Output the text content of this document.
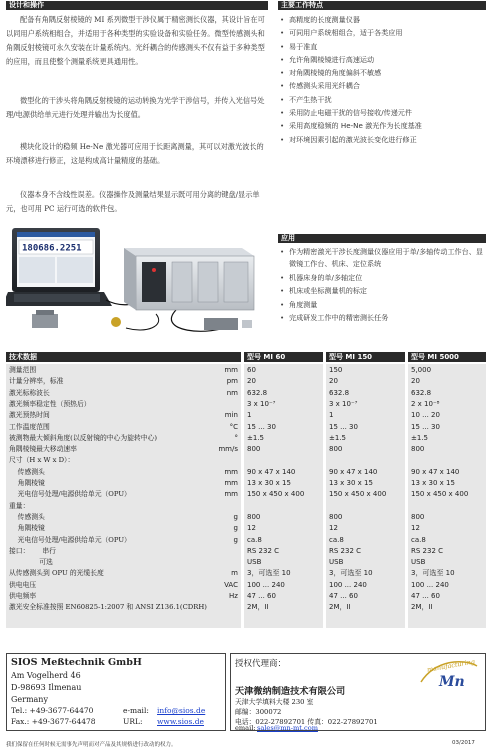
设计和操作
配备有角隅反射棱镜的 MI 系列微型干涉仪属于精密测长仪器，其设计旨在可以同用户系统相组合，并适用于各种类型的实验设备和实验任务。微型传感测头和角隅反射棱镜可永久安装在计量系统内。光纤耦合的传感测头不仅有益于多种类型的应用，而且使整个测量系统更具通用性。
微型化的干涉头将角隅反射棱镜的运动转换为光学干涉信号，并传入光信号处理/电源供给单元进行处理并输出为长度值。
模块化设计的稳频 He-Ne 激光器可应用于长距离测量，其可以对激光波长的环境漂移进行修正，这是构成高计量精度的基础。
仪器本身不含线性误差。仪器操作及测量结果显示既可用分离的键盘/显示单元，也可用 PC 运行可选的软件包。
主要工作特点
• 高精度的长度测量仪器
• 可同用户系统相组合，适于各类应用
• 易于准直
• 允许角隅棱镜进行高速运动
• 对角隅棱镜的角度偏斜不敏感
• 传感测头采用光纤耦合
• 不产生热干扰
• 采用防止电磁干扰的信号接收/传递元件
• 采用高度稳频的 He-Ne 激光作为长度基准
• 对环境因素引起的激光波长变化进行修正
应用
• 作为精密激光干涉长度测量仪器应用于单/多轴传动工作台、显微镜工作台、机床、定位系统
• 机器床身的单/多轴定位
• 机床或坐标测量机的标定
• 角度测量
• 完成研发工作中的精密测长任务
180686.2251
技术数据	型号 MI 60	型号 MI 150	型号 MI 5000
测量范围	mm 60	150	5,000
计量分辨率，标准	pm 20	20	20
激光标称波长	nm 632.8	632.8	632.8
激光频率稳定性（预热后）	3 x 10⁻⁷	3 x 10⁻⁷	2 x 10⁻⁸
激光预热时间	min 1	1	10 ... 20
工作温度范围	°C 15 ... 30	15 ... 30	15 ... 30
被测物最大倾斜角度(以反射镜的中心为旋转中心)	° ±1.5	±1.5	±1.5
角隅棱镜最大移动速率	mm/s 800	800	800
尺寸（H x W x D）：
传感测头	mm 90 x 47 x 140	90 x 47 x 140	90 x 47 x 140
角隅棱镜	mm 13 x 30 x 15	13 x 30 x 15	13 x 30 x 15
光电信号处理/电源供给单元（OPU）	mm 150 x 450 x 400	150 x 450 x 400	150 x 450 x 400
重量：
传感测头	g 800	800	800
角隅棱镜	g 12	12	12
光电信号处理/电源供给单元（OPU）	g ca.8	ca.8	ca.8
接口：      串行	RS 232 C	RS 232 C	RS 232 C
可选	USB	USB	USB
从传感测头到 OPU 的光缆长度	m 3，可选至 10	3，可选至 10	3，可选至 10
供电电压	VAC 100 ... 240	100 ... 240	100 ... 240
供电频率	Hz 47 ... 60	47 ... 60	47 ... 60
激光安全标准按照 EN60825-1:2007 和 ANSI Z136.1(CDRH)	2M，II	2M，II	2M，II
SIOS Meßtechnik GmbH
Am Vogelherd 46
D-98693 Ilmenau
Germany
Tel.: +49-3677-64470	e-mail: info@sios.de
Fax.: +49-3677-64478	URL: www.sios.de
授权代理商：
天津微纳制造技术有限公司
天津大学填料大楼 230 室
邮编：300072
电话：022-27892701 传真：022-27892701
email: sales@mn-mt.com
manufacturing
Mn
我们保留在任何时候无需事先声明而对产品及其规格进行改动的权力。	03/2017
